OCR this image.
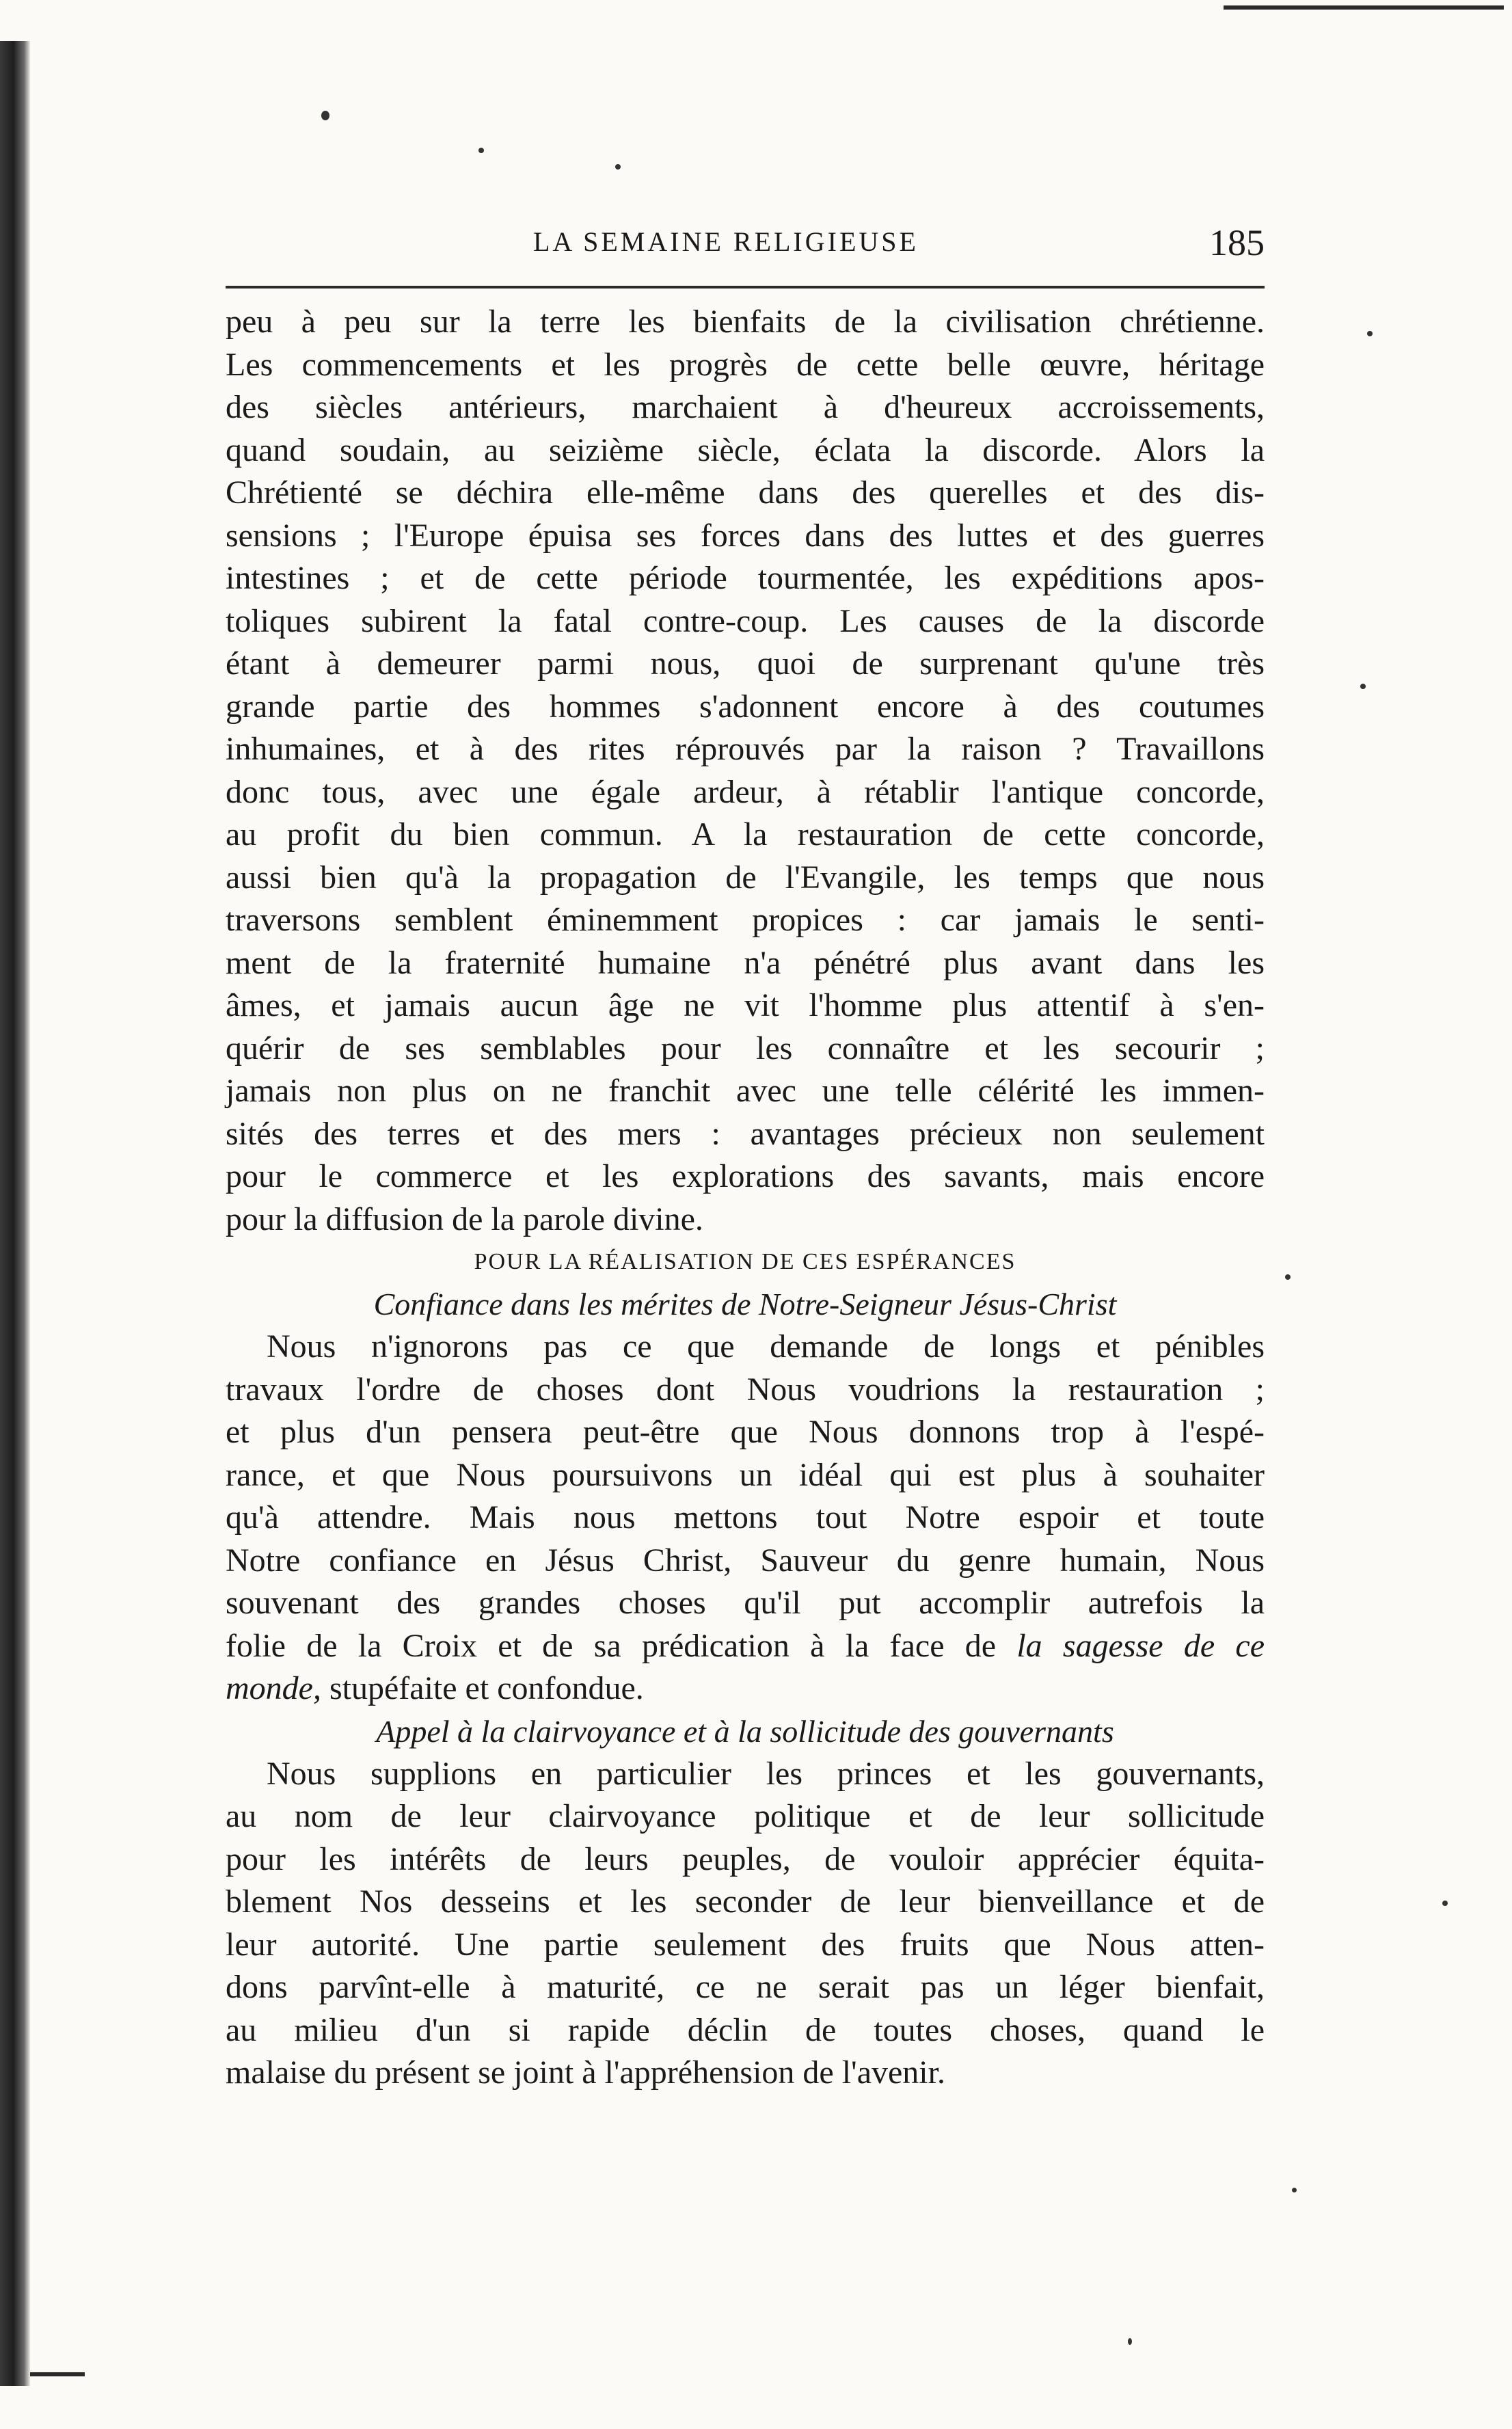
LA SEMAINE RELIGIEUSE	185
peu à peu sur la terre les bienfaits de la civilisation chrétienne.
Les commencements et les progrès de cette belle œuvre, héritage
des siècles antérieurs, marchaient à d'heureux accroissements,
quand soudain, au seizième siècle, éclata la discorde. Alors la
Chrétienté se déchira elle-même dans des querelles et des dis-
sensions ; l'Europe épuisa ses forces dans des luttes et des guerres
intestines ; et de cette période tourmentée, les expéditions apos-
toliques subirent la fatal contre-coup. Les causes de la discorde
étant à demeurer parmi nous, quoi de surprenant qu'une très
grande partie des hommes s'adonnent encore à des coutumes
inhumaines, et à des rites réprouvés par la raison ? Travaillons
donc tous, avec une égale ardeur, à rétablir l'antique concorde,
au profit du bien commun. A la restauration de cette concorde,
aussi bien qu'à la propagation de l'Evangile, les temps que nous
traversons semblent éminemment propices : car jamais le senti-
ment de la fraternité humaine n'a pénétré plus avant dans les
âmes, et jamais aucun âge ne vit l'homme plus attentif à s'en-
quérir de ses semblables pour les connaître et les secourir ;
jamais non plus on ne franchit avec une telle célérité les immen-
sités des terres et des mers : avantages précieux non seulement
pour le commerce et les explorations des savants, mais encore
pour la diffusion de la parole divine.
POUR LA RÉALISATION DE CES ESPÉRANCES
Confiance dans les mérites de Notre-Seigneur Jésus-Christ
Nous n'ignorons pas ce que demande de longs et pénibles
travaux l'ordre de choses dont Nous voudrions la restauration ;
et plus d'un pensera peut-être que Nous donnons trop à l'espé-
rance, et que Nous poursuivons un idéal qui est plus à souhaiter
qu'à attendre. Mais nous mettons tout Notre espoir et toute
Notre confiance en Jésus Christ, Sauveur du genre humain, Nous
souvenant des grandes choses qu'il put accomplir autrefois la
folie de la Croix et de sa prédication à la face de la sagesse de ce
monde, stupéfaite et confondue.
Appel à la clairvoyance et à la sollicitude des gouvernants
Nous supplions en particulier les princes et les gouvernants,
au nom de leur clairvoyance politique et de leur sollicitude
pour les intérêts de leurs peuples, de vouloir apprécier équita-
blement Nos desseins et les seconder de leur bienveillance et de
leur autorité. Une partie seulement des fruits que Nous atten-
dons parvînt-elle à maturité, ce ne serait pas un léger bienfait,
au milieu d'un si rapide déclin de toutes choses, quand le
malaise du présent se joint à l'appréhension de l'avenir.
